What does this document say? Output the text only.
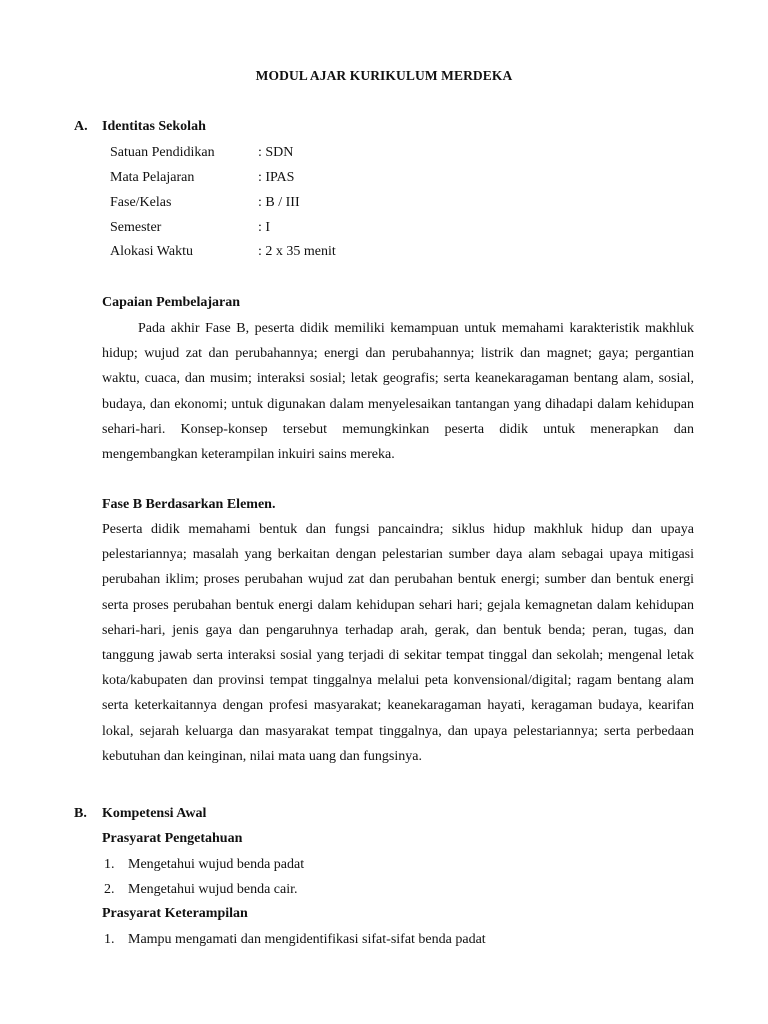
MODUL AJAR KURIKULUM MERDEKA
A. Identitas Sekolah
Satuan Pendidikan	: SDN
Mata Pelajaran	: IPAS
Fase/Kelas	: B / III
Semester	: I
Alokasi Waktu	: 2 x 35 menit
Capaian Pembelajaran

Pada akhir Fase B, peserta didik memiliki kemampuan untuk memahami karakteristik makhluk hidup; wujud zat dan perubahannya; energi dan perubahannya; listrik dan magnet; gaya; pergantian waktu, cuaca, dan musim; interaksi sosial; letak geografis; serta keanekaragaman bentang alam, sosial, budaya, dan ekonomi; untuk digunakan dalam menyelesaikan tantangan yang dihadapi dalam kehidupan sehari-hari. Konsep-konsep tersebut memungkinkan peserta didik untuk menerapkan dan mengembangkan keterampilan inkuiri sains mereka.

Fase B Berdasarkan Elemen.

Peserta didik memahami bentuk dan fungsi pancaindra; siklus hidup makhluk hidup dan upaya pelestariannya; masalah yang berkaitan dengan pelestarian sumber daya alam sebagai upaya mitigasi perubahan iklim; proses perubahan wujud zat dan perubahan bentuk energi; sumber dan bentuk energi serta proses perubahan bentuk energi dalam kehidupan sehari hari; gejala kemagnetan dalam kehidupan sehari-hari, jenis gaya dan pengaruhnya terhadap arah, gerak, dan bentuk benda; peran, tugas, dan tanggung jawab serta interaksi sosial yang terjadi di sekitar tempat tinggal dan sekolah; mengenal letak kota/kabupaten dan provinsi tempat tinggalnya melalui peta konvensional/digital; ragam bentang alam serta keterkaitannya dengan profesi masyarakat; keanekaragaman hayati, keragaman budaya, kearifan lokal, sejarah keluarga dan masyarakat tempat tinggalnya, dan upaya pelestariannya; serta perbedaan kebutuhan dan keinginan, nilai mata uang dan fungsinya.

B. Kompetensi Awal
Prasyarat Pengetahuan
1. Mengetahui wujud benda padat
2. Mengetahui wujud benda cair.
Prasyarat Keterampilan
1. Mampu mengamati dan mengidentifikasi sifat-sifat benda padat
